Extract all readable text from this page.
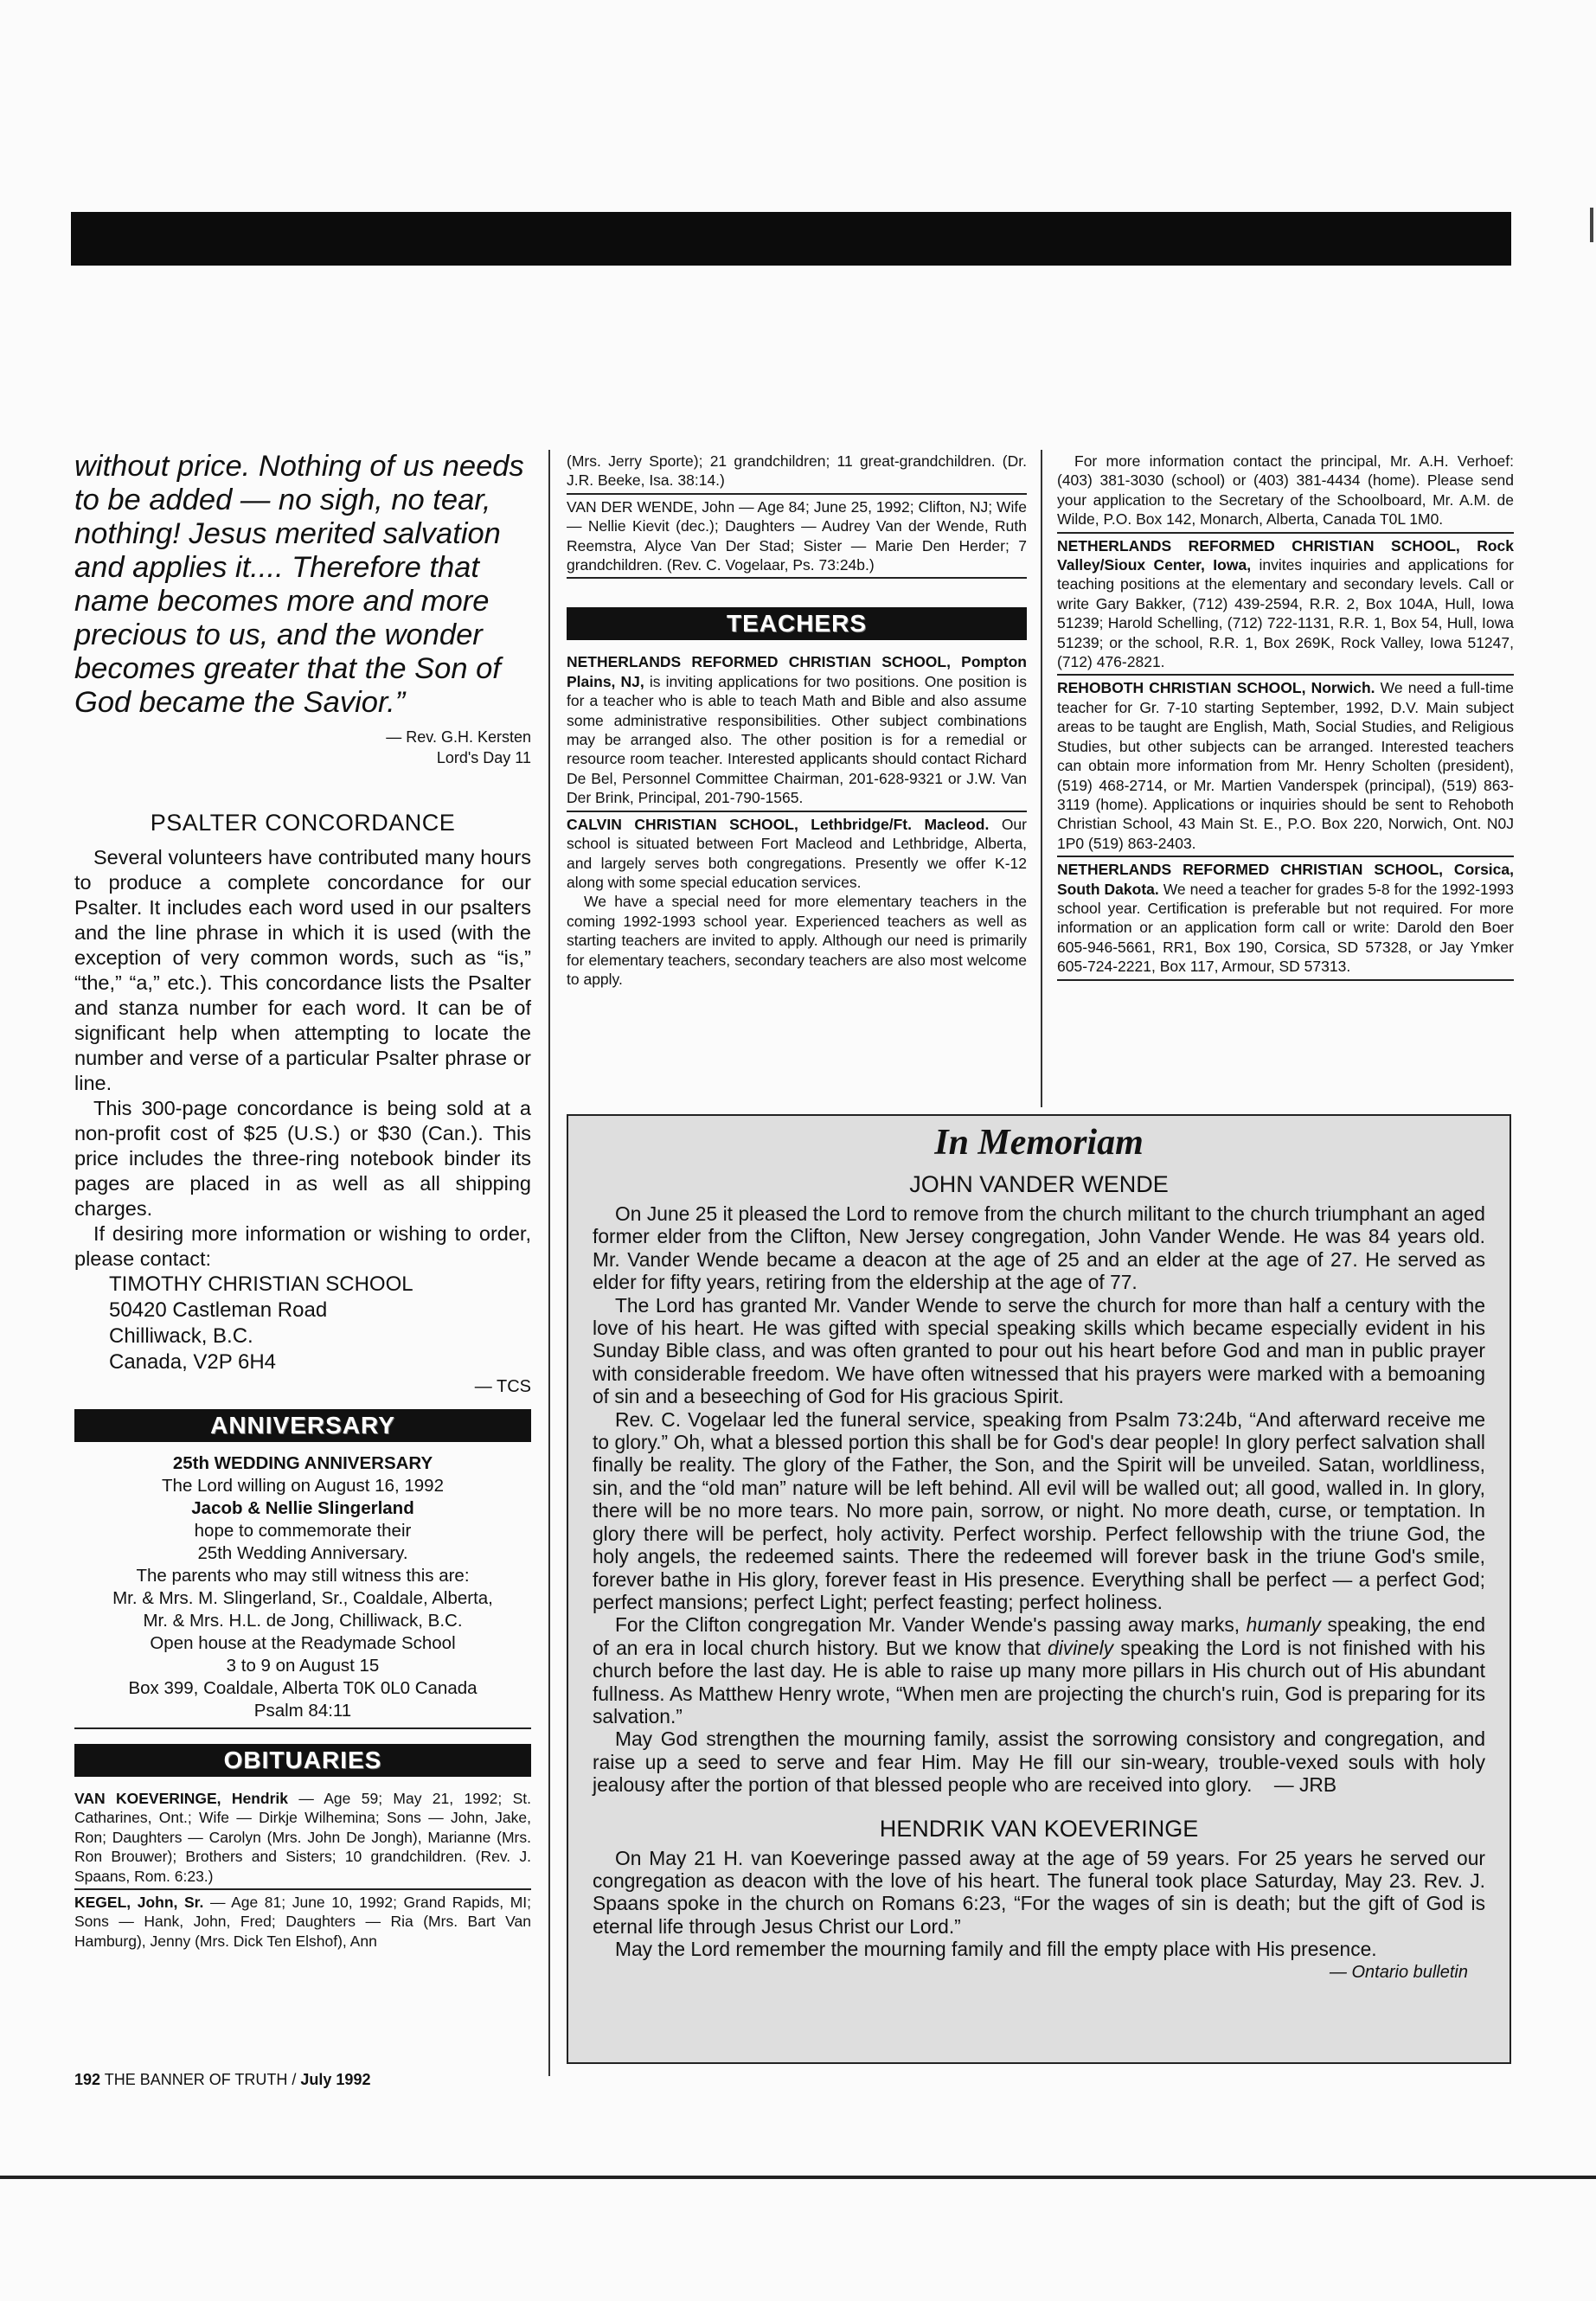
without price. Nothing of us needs to be added — no sigh, no tear, nothing! Jesus merited salvation and applies it.... Therefore that name becomes more and more precious to us, and the wonder becomes greater that the Son of God became the Savior.”

— Rev. G.H. Kersten
Lord's Day 11
PSALTER CONCORDANCE

Several volunteers have contributed many hours to produce a complete concordance for our Psalter. It includes each word used in our psalters and the line phrase in which it is used (with the exception of very common words, such as “is,” “the,” “a,” etc.). This concordance lists the Psalter and stanza number for each word. It can be of significant help when attempting to locate the number and verse of a particular Psalter phrase or line.

This 300-page concordance is being sold at a non-profit cost of $25 (U.S.) or $30 (Can.). This price includes the three-ring notebook binder its pages are placed in as well as all shipping charges.

If desiring more information or wishing to order, please contact:

TIMOTHY CHRISTIAN SCHOOL
50420 Castleman Road
Chilliwack, B.C.
Canada, V2P 6H4

— TCS

ANNIVERSARY
25th WEDDING ANNIVERSARY
The Lord willing on August 16, 1992
Jacob & Nellie Slingerland
hope to commemorate their
25th Wedding Anniversary.
The parents who may still witness this are:
Mr. & Mrs. M. Slingerland, Sr., Coaldale, Alberta,
Mr. & Mrs. H.L. de Jong, Chilliwack, B.C.
Open house at the Readymade School
3 to 9 on August 15
Box 399, Coaldale, Alberta T0K 0L0 Canada
Psalm 84:11
OBITUARIES

VAN KOEVERINGE, Hendrik — Age 59; May 21, 1992; St. Catharines, Ont.; Wife — Dirkje Wilhemina; Sons — John, Jake, Ron; Daughters — Carolyn (Mrs. John De Jongh), Marianne (Mrs. Ron Brouwer); Brothers and Sisters; 10 grandchildren. (Rev. J. Spaans, Rom. 6:23.)

KEGEL, John, Sr. — Age 81; June 10, 1992; Grand Rapids, MI; Sons — Hank, John, Fred; Daughters — Ria (Mrs. Bart Van Hamburg), Jenny (Mrs. Dick Ten Elshof), Ann

(Mrs. Jerry Sporte); 21 grandchildren; 11 great-grandchildren. (Dr. J.R. Beeke, Isa. 38:14.)

VAN DER WENDE, John — Age 84; June 25, 1992; Clifton, NJ; Wife — Nellie Kievit (dec.); Daughters — Audrey Van der Wende, Ruth Reemstra, Alyce Van Der Stad; Sister — Marie Den Herder; 7 grandchildren. (Rev. C. Vogelaar, Ps. 73:24b.)

TEACHERS

NETHERLANDS REFORMED CHRISTIAN SCHOOL, Pompton Plains, NJ, is inviting applications for two positions. One position is for a teacher who is able to teach Math and Bible and also assume some administrative responsibilities. Other subject combinations may be arranged also. The other position is for a remedial or resource room teacher. Interested applicants should contact Richard De Bel, Personnel Committee Chairman, 201-628-9321 or J.W. Van Der Brink, Principal, 201-790-1565.

CALVIN CHRISTIAN SCHOOL, Lethbridge/Ft. Macleod. Our school is situated between Fort Macleod and Lethbridge, Alberta, and largely serves both congregations. Presently we offer K-12 along with some special education services.

We have a special need for more elementary teachers in the coming 1992-1993 school year. Experienced teachers as well as starting teachers are invited to apply. Although our need is primarily for elementary teachers, secondary teachers are also most welcome to apply.

For more information contact the principal, Mr. A.H. Verhoef: (403) 381-3030 (school) or (403) 381-4434 (home). Please send your application to the Secretary of the Schoolboard, Mr. A.M. de Wilde, P.O. Box 142, Monarch, Alberta, Canada T0L 1M0.

NETHERLANDS REFORMED CHRISTIAN SCHOOL, Rock Valley/Sioux Center, Iowa, invites inquiries and applications for teaching positions at the elementary and secondary levels. Call or write Gary Bakker, (712) 439-2594, R.R. 2, Box 104A, Hull, Iowa 51239; Harold Schelling, (712) 722-1131, R.R. 1, Box 54, Hull, Iowa 51239; or the school, R.R. 1, Box 269K, Rock Valley, Iowa 51247, (712) 476-2821.

REHOBOTH CHRISTIAN SCHOOL, Norwich. We need a full-time teacher for Gr. 7-10 starting September, 1992, D.V. Main subject areas to be taught are English, Math, Social Studies, and Religious Studies, but other subjects can be arranged. Interested teachers can obtain more information from Mr. Henry Scholten (president), (519) 468-2714, or Mr. Martien Vanderspek (principal), (519) 863-3119 (home). Applications or inquiries should be sent to Rehoboth Christian School, 43 Main St. E., P.O. Box 220, Norwich, Ont. N0J 1P0 (519) 863-2403.

NETHERLANDS REFORMED CHRISTIAN SCHOOL, Corsica, South Dakota. We need a teacher for grades 5-8 for the 1992-1993 school year. Certification is preferable but not required. For more information or an application form call or write: Darold den Boer 605-946-5661, RR1, Box 190, Corsica, SD 57328, or Jay Ymker 605-724-2221, Box 117, Armour, SD 57313.

In Memoriam
JOHN VANDER WENDE

On June 25 it pleased the Lord to remove from the church militant to the church triumphant an aged former elder from the Clifton, New Jersey congregation, John Vander Wende. He was 84 years old. Mr. Vander Wende became a deacon at the age of 25 and an elder at the age of 27. He served as elder for fifty years, retiring from the eldership at the age of 77.

The Lord has granted Mr. Vander Wende to serve the church for more than half a century with the love of his heart. He was gifted with special speaking skills which became especially evident in his Sunday Bible class, and was often granted to pour out his heart before God and man in public prayer with considerable freedom. We have often witnessed that his prayers were marked with a bemoaning of sin and a beseeching of God for His gracious Spirit.

Rev. C. Vogelaar led the funeral service, speaking from Psalm 73:24b, “And afterward receive me to glory.” Oh, what a blessed portion this shall be for God's dear people! In glory perfect salvation shall finally be reality. The glory of the Father, the Son, and the Spirit will be unveiled. Satan, worldliness, sin, and the “old man” nature will be left behind. All evil will be walled out; all good, walled in. In glory, there will be no more tears. No more pain, sorrow, or night. No more death, curse, or temptation. In glory there will be perfect, holy activity. Perfect worship. Perfect fellowship with the triune God, the holy angels, the redeemed saints. There the redeemed will forever bask in the triune God's smile, forever bathe in His glory, forever feast in His presence. Everything shall be perfect — a perfect God; perfect mansions; perfect Light; perfect feasting; perfect holiness.

For the Clifton congregation Mr. Vander Wende's passing away marks, humanly speaking, the end of an era in local church history. But we know that divinely speaking the Lord is not finished with his church before the last day. He is able to raise up many more pillars in His church out of His abundant fullness. As Matthew Henry wrote, “When men are projecting the church's ruin, God is preparing for its salvation.”

May God strengthen the mourning family, assist the sorrowing consistory and congregation, and raise up a seed to serve and fear Him. May He fill our sin-weary, trouble-vexed souls with holy jealousy after the portion of that blessed people who are received into glory. — JRB

HENDRIK VAN KOEVERINGE

On May 21 H. van Koeveringe passed away at the age of 59 years. For 25 years he served our congregation as deacon with the love of his heart. The funeral took place Saturday, May 23. Rev. J. Spaans spoke in the church on Romans 6:23, “For the wages of sin is death; but the gift of God is eternal life through Jesus Christ our Lord.”

May the Lord remember the mourning family and fill the empty place with His presence.

— Ontario bulletin
192 THE BANNER OF TRUTH / July 1992
